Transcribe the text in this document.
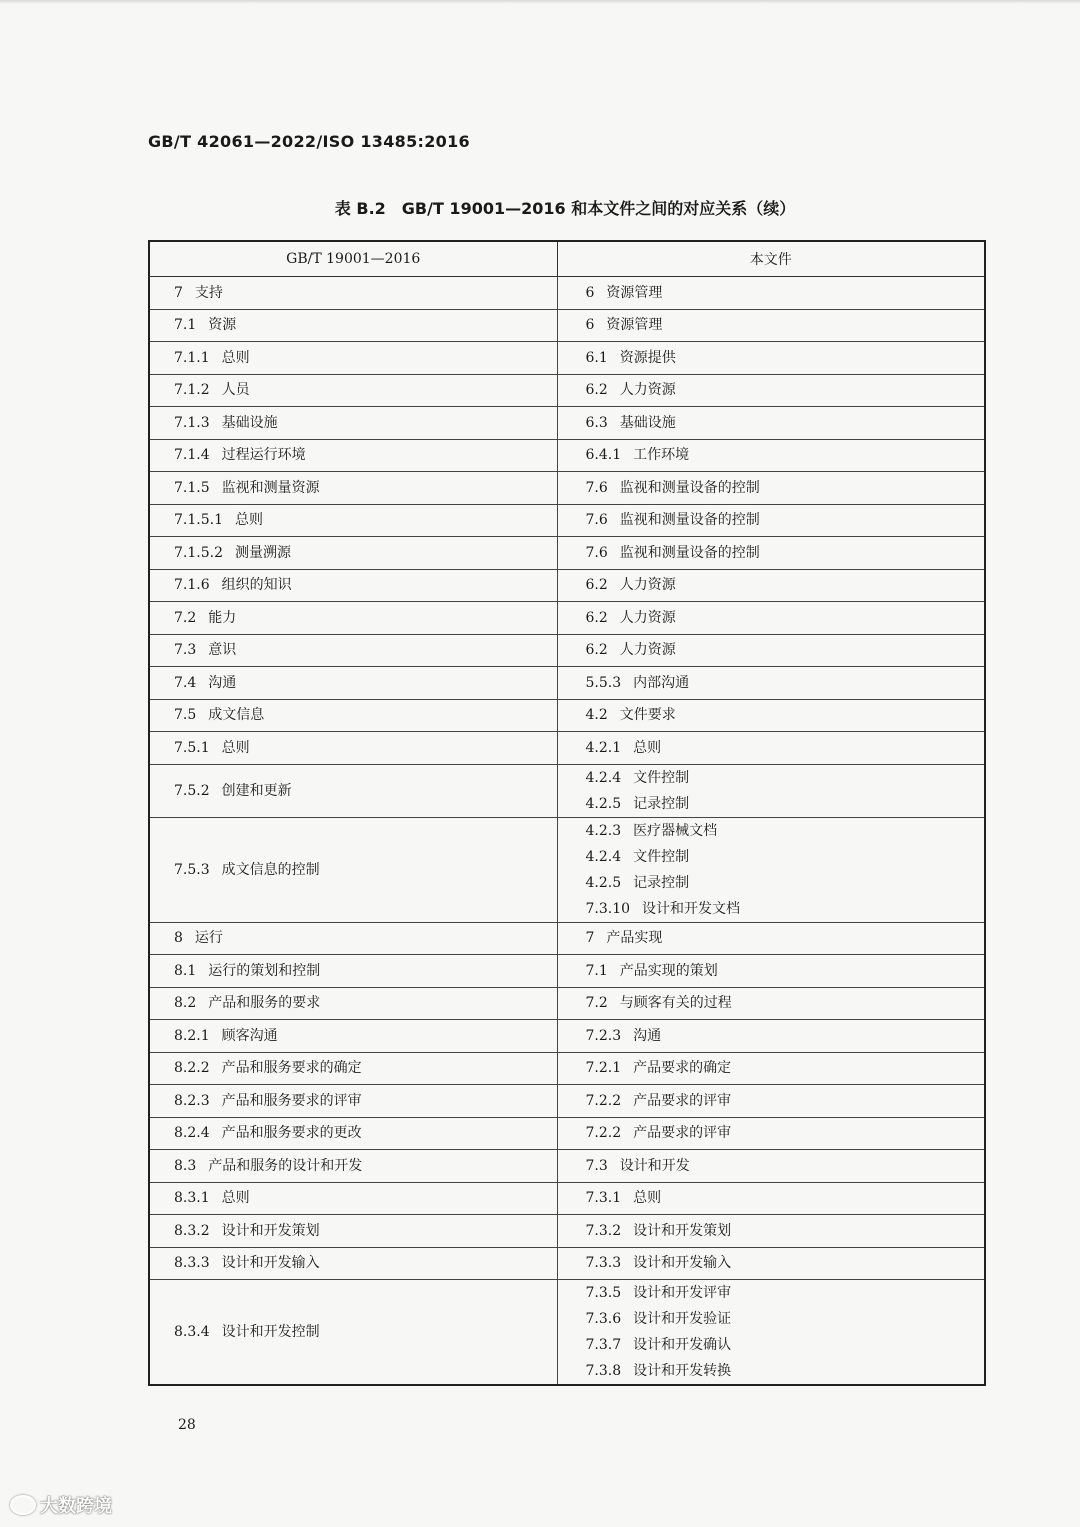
GB/T 42061—2022/ISO 13485:2016
表 B.2　GB/T 19001—2016 和本文件之间的对应关系（续）
GB/T 19001—2016	本文件

7 支持	6 资源管理

7.1 资源	6 资源管理

7.1.1 总则	6.1 资源提供

7.1.2 人员	6.2 人力资源

7.1.3 基础设施	6.3 基础设施

7.1.4 过程运行环境	6.4.1 工作环境

7.1.5 监视和测量资源	7.6 监视和测量设备的控制

7.1.5.1 总则	7.6 监视和测量设备的控制

7.1.5.2 测量溯源	7.6 监视和测量设备的控制

7.1.6 组织的知识	6.2 人力资源

7.2 能力	6.2 人力资源

7.3 意识	6.2 人力资源

7.4 沟通	5.5.3 内部沟通

7.5 成文信息	4.2 文件要求

7.5.1 总则	4.2.1 总则

7.5.2 创建和更新	4.2.4 文件控制
4.2.5 记录控制

7.5.3 成文信息的控制	4.2.3 医疗器械文档
4.2.4 文件控制
4.2.5 记录控制
7.3.10 设计和开发文档

8 运行	7 产品实现

8.1 运行的策划和控制	7.1 产品实现的策划

8.2 产品和服务的要求	7.2 与顾客有关的过程

8.2.1 顾客沟通	7.2.3 沟通

8.2.2 产品和服务要求的确定	7.2.1 产品要求的确定

8.2.3 产品和服务要求的评审	7.2.2 产品要求的评审

8.2.4 产品和服务要求的更改	7.2.2 产品要求的评审

8.3 产品和服务的设计和开发	7.3 设计和开发

8.3.1 总则	7.3.1 总则

8.3.2 设计和开发策划	7.3.2 设计和开发策划

8.3.3 设计和开发输入	7.3.3 设计和开发输入

8.3.4 设计和开发控制	7.3.5 设计和开发评审
7.3.6 设计和开发验证
7.3.7 设计和开发确认
7.3.8 设计和开发转换
28
大数跨境
